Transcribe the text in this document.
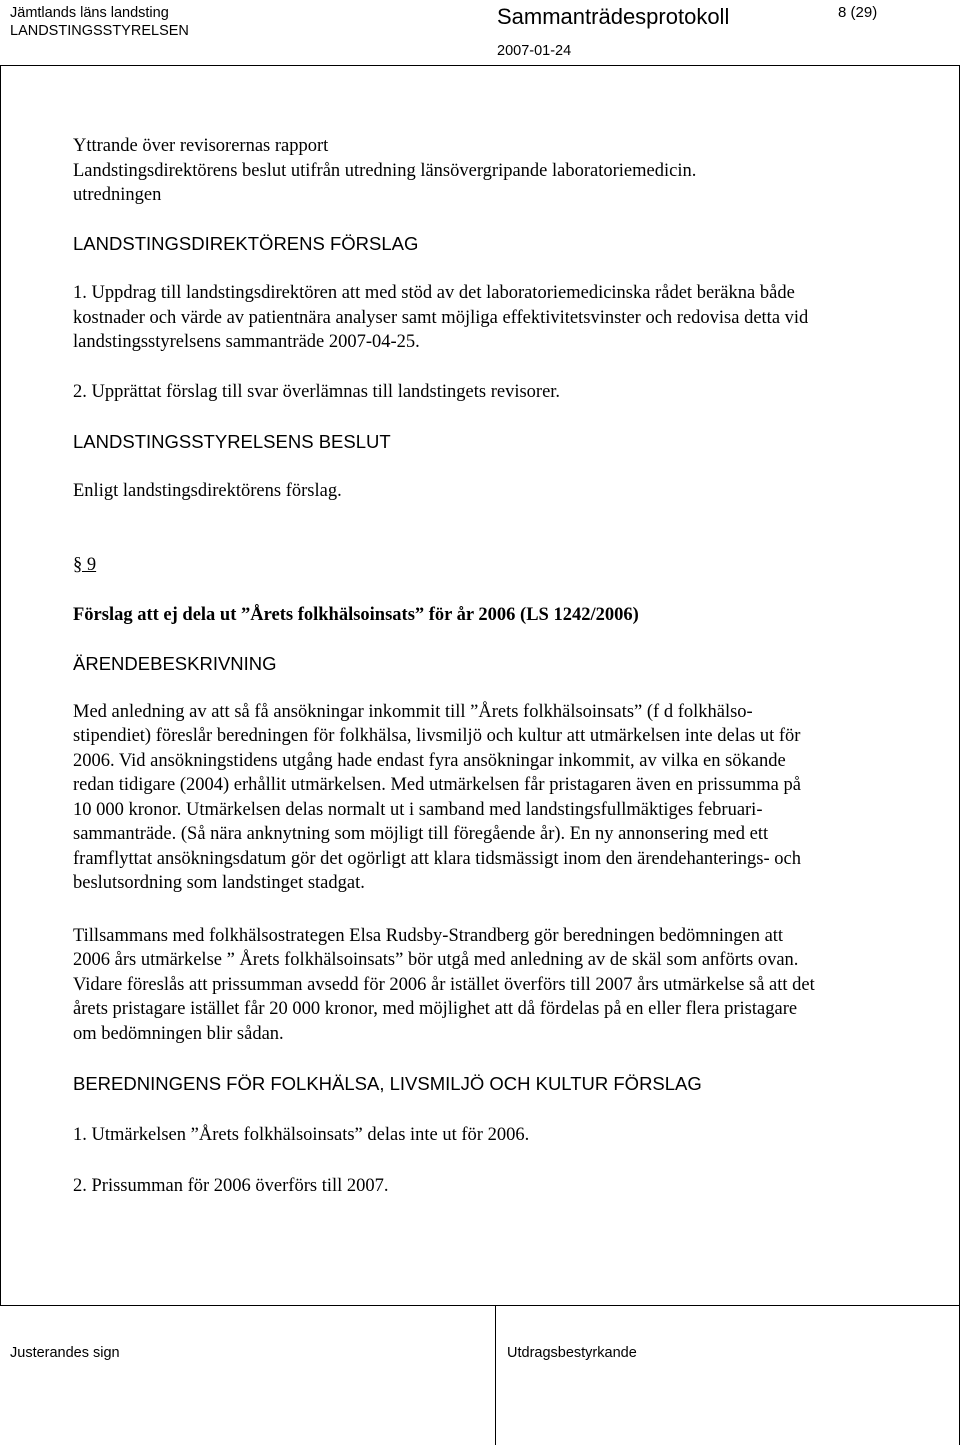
Jämtlands läns landsting
LANDSTINGSSTYRELSEN
Sammanträdesprotokoll	8 (29)
2007-01-24
Yttrande över revisorernas rapport
Landstingsdirektörens beslut utifrån utredning länsövergripande laboratoriemedicin.
utredningen
LANDSTINGSDIREKTÖRENS FÖRSLAG
1. Uppdrag till landstingsdirektören att med stöd av det laboratoriemedicinska rådet beräkna både
kostnader och värde av patientnära analyser samt möjliga effektivitetsvinster och redovisa detta vid
landstingsstyrelsens sammanträde 2007-04-25.
2. Upprättat förslag till svar överlämnas till landstingets revisorer.
LANDSTINGSSTYRELSENS BESLUT
Enligt landstingsdirektörens förslag.
§ 9
Förslag att ej dela ut ”Årets folkhälsoinsats” för år 2006 (LS 1242/2006)
ÄRENDEBESKRIVNING
Med anledning av att så få ansökningar inkommit till ”Årets folkhälsoinsats” (f d folkhälso-
stipendiet) föreslår beredningen för folkhälsa, livsmiljö och kultur att utmärkelsen inte delas ut för
2006. Vid ansökningstidens utgång hade endast fyra ansökningar inkommit, av vilka en sökande
redan tidigare (2004) erhållit utmärkelsen. Med utmärkelsen får pristagaren även en prissumma på
10 000 kronor. Utmärkelsen delas normalt ut i samband med landstingsfullmäktiges februari-
sammanträde. (Så nära anknytning som möjligt till föregående år). En ny annonsering med ett
framflyttat ansökningsdatum gör det ogörligt att klara tidsmässigt inom den ärendehanterings- och
beslutsordning som landstinget stadgat.
Tillsammans med folkhälsostrategen Elsa Rudsby-Strandberg gör beredningen bedömningen att
2006 års utmärkelse ” Årets folkhälsoinsats” bör utgå med anledning av de skäl som anförts ovan.
Vidare föreslås att prissumman avsedd för 2006 år istället överförs till 2007 års utmärkelse så att det
årets pristagare istället får 20 000 kronor, med möjlighet att då fördelas på en eller flera pristagare
om bedömningen blir sådan.
BEREDNINGENS FÖR FOLKHÄLSA, LIVSMILJÖ OCH KULTUR FÖRSLAG
1. Utmärkelsen ”Årets folkhälsoinsats” delas inte ut för 2006.
2. Prissumman för 2006 överförs till 2007.
Justerandes sign	Utdragsbestyrkande
